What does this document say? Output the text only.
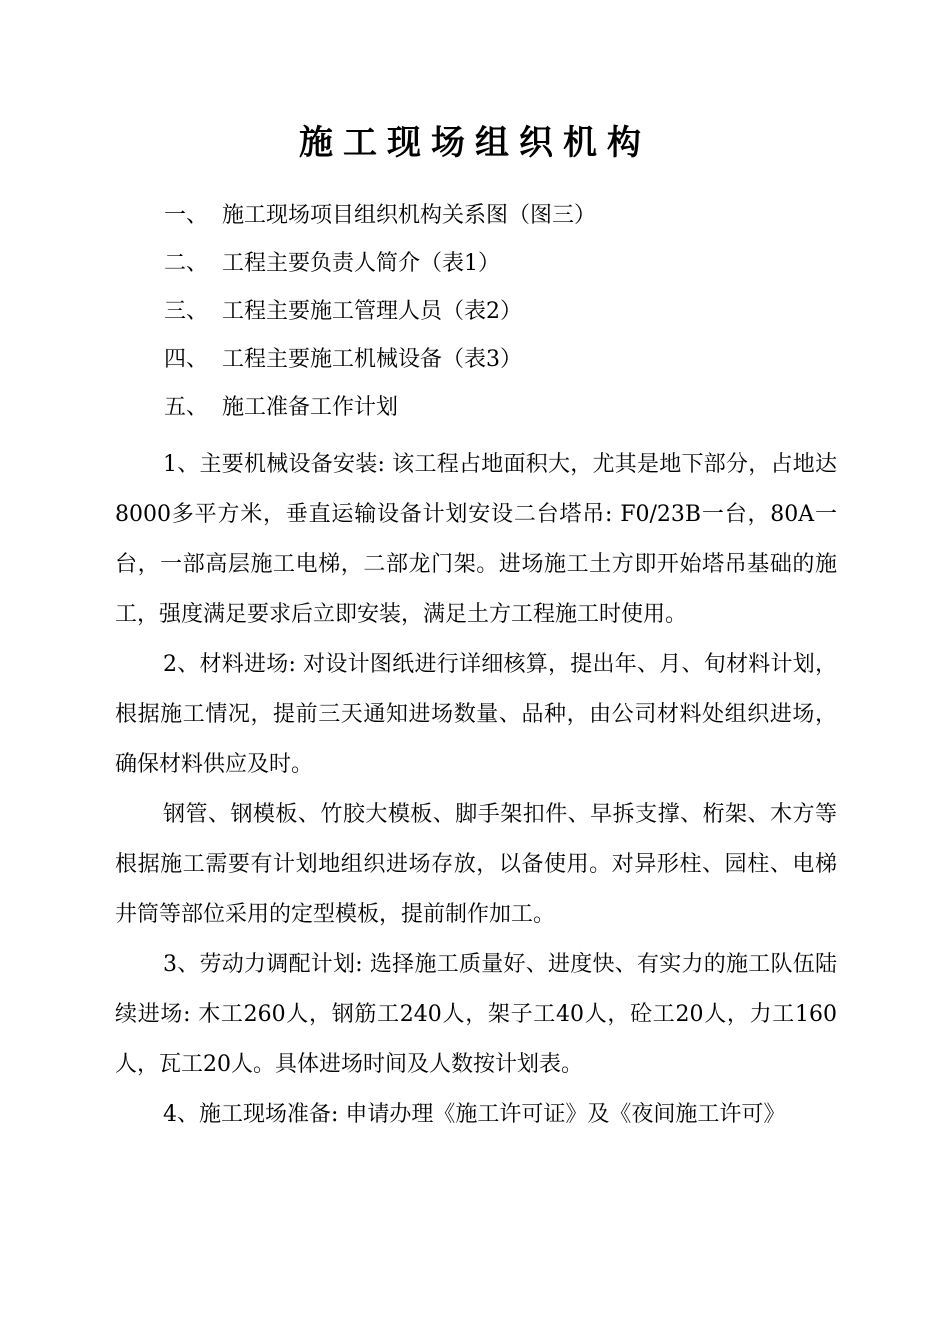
施工现场组织机构
一、 施工现场项目组织机构关系图（图三）
二、 工程主要负责人简介（表1）
三、 工程主要施工管理人员（表2）
四、 工程主要施工机械设备（表3）
五、 施工准备工作计划

1、主要机械设备安装: 该工程占地面积大，尤其是地下部分，占地达8000多平方米，垂直运输设备计划安设二台塔吊: F0/23B一台，80A一台，一部高层施工电梯，二部龙门架。进场施工土方即开始塔吊基础的施工，强度满足要求后立即安装，满足土方工程施工时使用。

2、材料进场: 对设计图纸进行详细核算，提出年、月、旬材料计划，根据施工情况，提前三天通知进场数量、品种，由公司材料处组织进场，确保材料供应及时。

钢管、钢模板、竹胶大模板、脚手架扣件、早拆支撑、桁架、木方等根据施工需要有计划地组织进场存放，以备使用。对异形柱、园柱、电梯井筒等部位采用的定型模板，提前制作加工。

3、劳动力调配计划: 选择施工质量好、进度快、有实力的施工队伍陆续进场: 木工260人，钢筋工240人，架子工40人，砼工20人，力工160人，瓦工20人。具体进场时间及人数按计划表。

4、施工现场准备: 申请办理《施工许可证》及《夜间施工许可》
